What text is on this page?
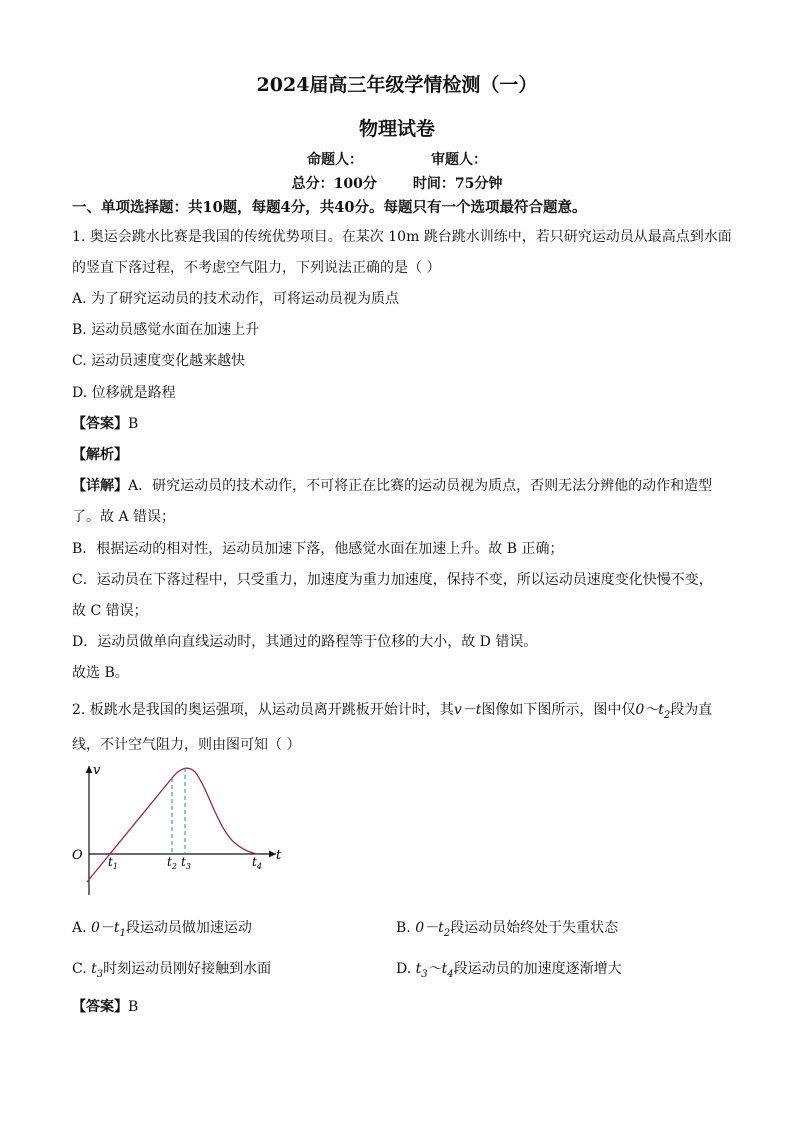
2024届高三年级学情检测（一）
物理试卷
命题人：	审题人：
总分：100分	时间：75分钟
一、单项选择题：共10题，每题4分，共40分。每题只有一个选项最符合题意。
1. 奥运会跳水比赛是我国的传统优势项目。在某次 10m 跳台跳水训练中，若只研究运动员从最高点到水面
的竖直下落过程，不考虑空气阻力，下列说法正确的是（ ）
A. 为了研究运动员的技术动作，可将运动员视为质点
B. 运动员感觉水面在加速上升
C. 运动员速度变化越来越快
D. 位移就是路程
【答案】B
【解析】
【详解】A．研究运动员的技术动作，不可将正在比赛的运动员视为质点，否则无法分辨他的动作和造型
了。故 A 错误；
B．根据运动的相对性，运动员加速下落，他感觉水面在加速上升。故 B 正确；
C．运动员在下落过程中，只受重力，加速度为重力加速度，保持不变，所以运动员速度变化快慢不变，
故 C 错误；
D．运动员做单向直线运动时，其通过的路程等于位移的大小，故 D 错误。
故选 B。
2. 板跳水是我国的奥运强项，从运动员离开跳板开始计时，其v－t图像如下图所示，图中仅$0\sim t_2$段为直
线，不计空气阻力，则由图可知（ ）
v
t
O $t_1$	$t_2$ $t_3$	$t_4$
A. $0-t_1$段运动员做加速运动	B. $0-t_2$段运动员始终处于失重状态
C. $t_3$时刻运动员刚好接触到水面	D. $t_3\sim t_4$段运动员的加速度逐渐增大
【答案】B
